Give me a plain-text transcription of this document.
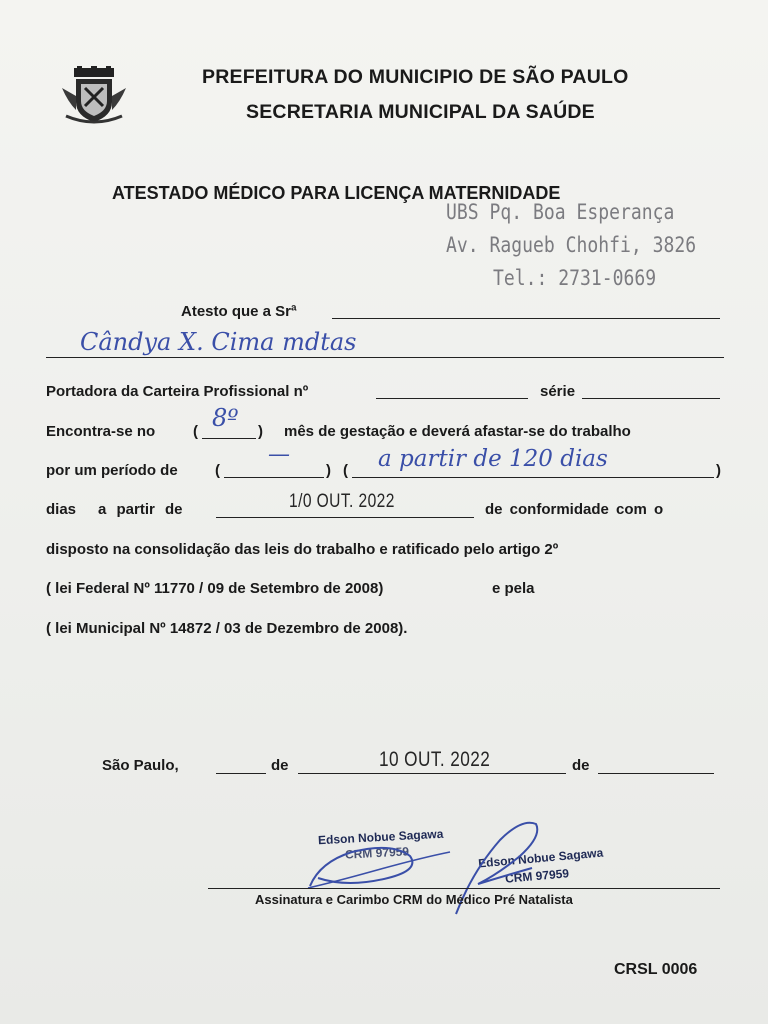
PREFEITURA DO MUNICIPIO DE SÃO PAULO
SECRETARIA MUNICIPAL DA SAÚDE
ATESTADO MÉDICO PARA LICENÇA MATERNIDADE
UBS Pq. Boa Esperança
Av. Ragueb Chohfi, 3826
Tel.: 2731-0669
Atesto que a Srª
Cândya X. Cima mdtas
Portadora da Carteira Profissional nº	série
Encontra-se no	( 8º ) mês de gestação e deverá afastar-se do trabalho
por um período de (
—
) ( a partir de 120 dias	)
dias a partir de	1/0 OUT. 2022	de conformidade com o
disposto na consolidação das leis do trabalho e ratificado pelo artigo 2º
( lei Federal Nº 11770 / 09 de Setembro de 2008)	e pela
( lei Municipal Nº 14872 / 03 de Dezembro de 2008).
São Paulo,	de	10 OUT. 2022	de
Edson Nobue Sagawa
CRM 97959	Edson Nobue Sagawa
CRM 97959
Assinatura e Carimbo CRM do Médico Pré Natalista
CRSL 0006
